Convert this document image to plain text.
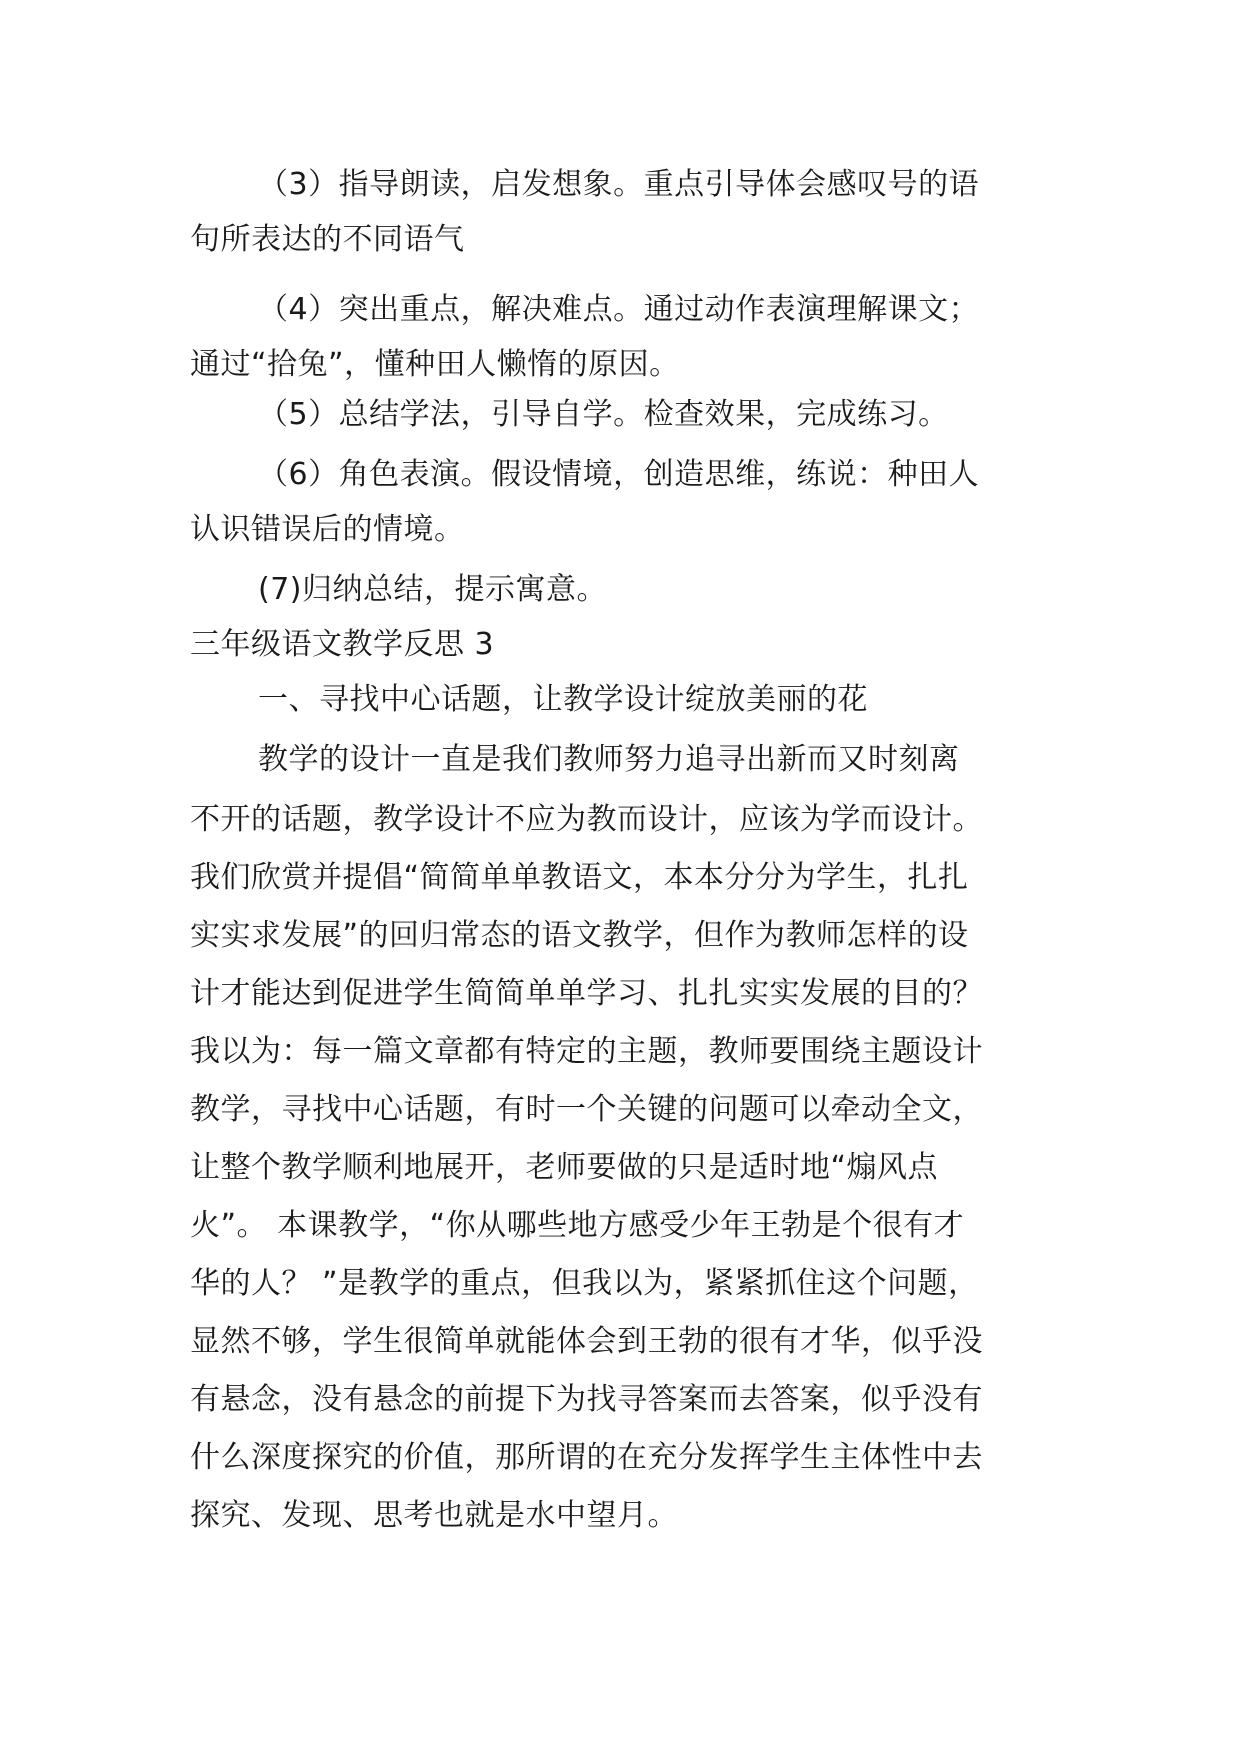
（3）指导朗读，启发想象。重点引导体会感叹号的语
句所表达的不同语气
（4）突出重点，解决难点。通过动作表演理解课文；
通过“拾兔”，懂种田人懒惰的原因。
（5）总结学法，引导自学。检查效果，完成练习。
（6）角色表演。假设情境，创造思维，练说：种田人
认识错误后的情境。
(7)归纳总结，提示寓意。
三年级语文教学反思 3
一、寻找中心话题，让教学设计绽放美丽的花
教学的设计一直是我们教师努力追寻出新而又时刻离
不开的话题，教学设计不应为教而设计，应该为学而设计。
我们欣赏并提倡“简简单单教语文，本本分分为学生，扎扎
实实求发展”的回归常态的语文教学，但作为教师怎样的设
计才能达到促进学生简简单单学习、扎扎实实发展的目的？
我以为：每一篇文章都有特定的主题，教师要围绕主题设计
教学，寻找中心话题，有时一个关键的问题可以牵动全文，
让整个教学顺利地展开，老师要做的只是适时地“煽风点
火”。 本课教学，“你从哪些地方感受少年王勃是个很有才
华的人？ ”是教学的重点，但我以为，紧紧抓住这个问题，
显然不够，学生很简单就能体会到王勃的很有才华，似乎没
有悬念，没有悬念的前提下为找寻答案而去答案，似乎没有
什么深度探究的价值，那所谓的在充分发挥学生主体性中去
探究、发现、思考也就是水中望月。
